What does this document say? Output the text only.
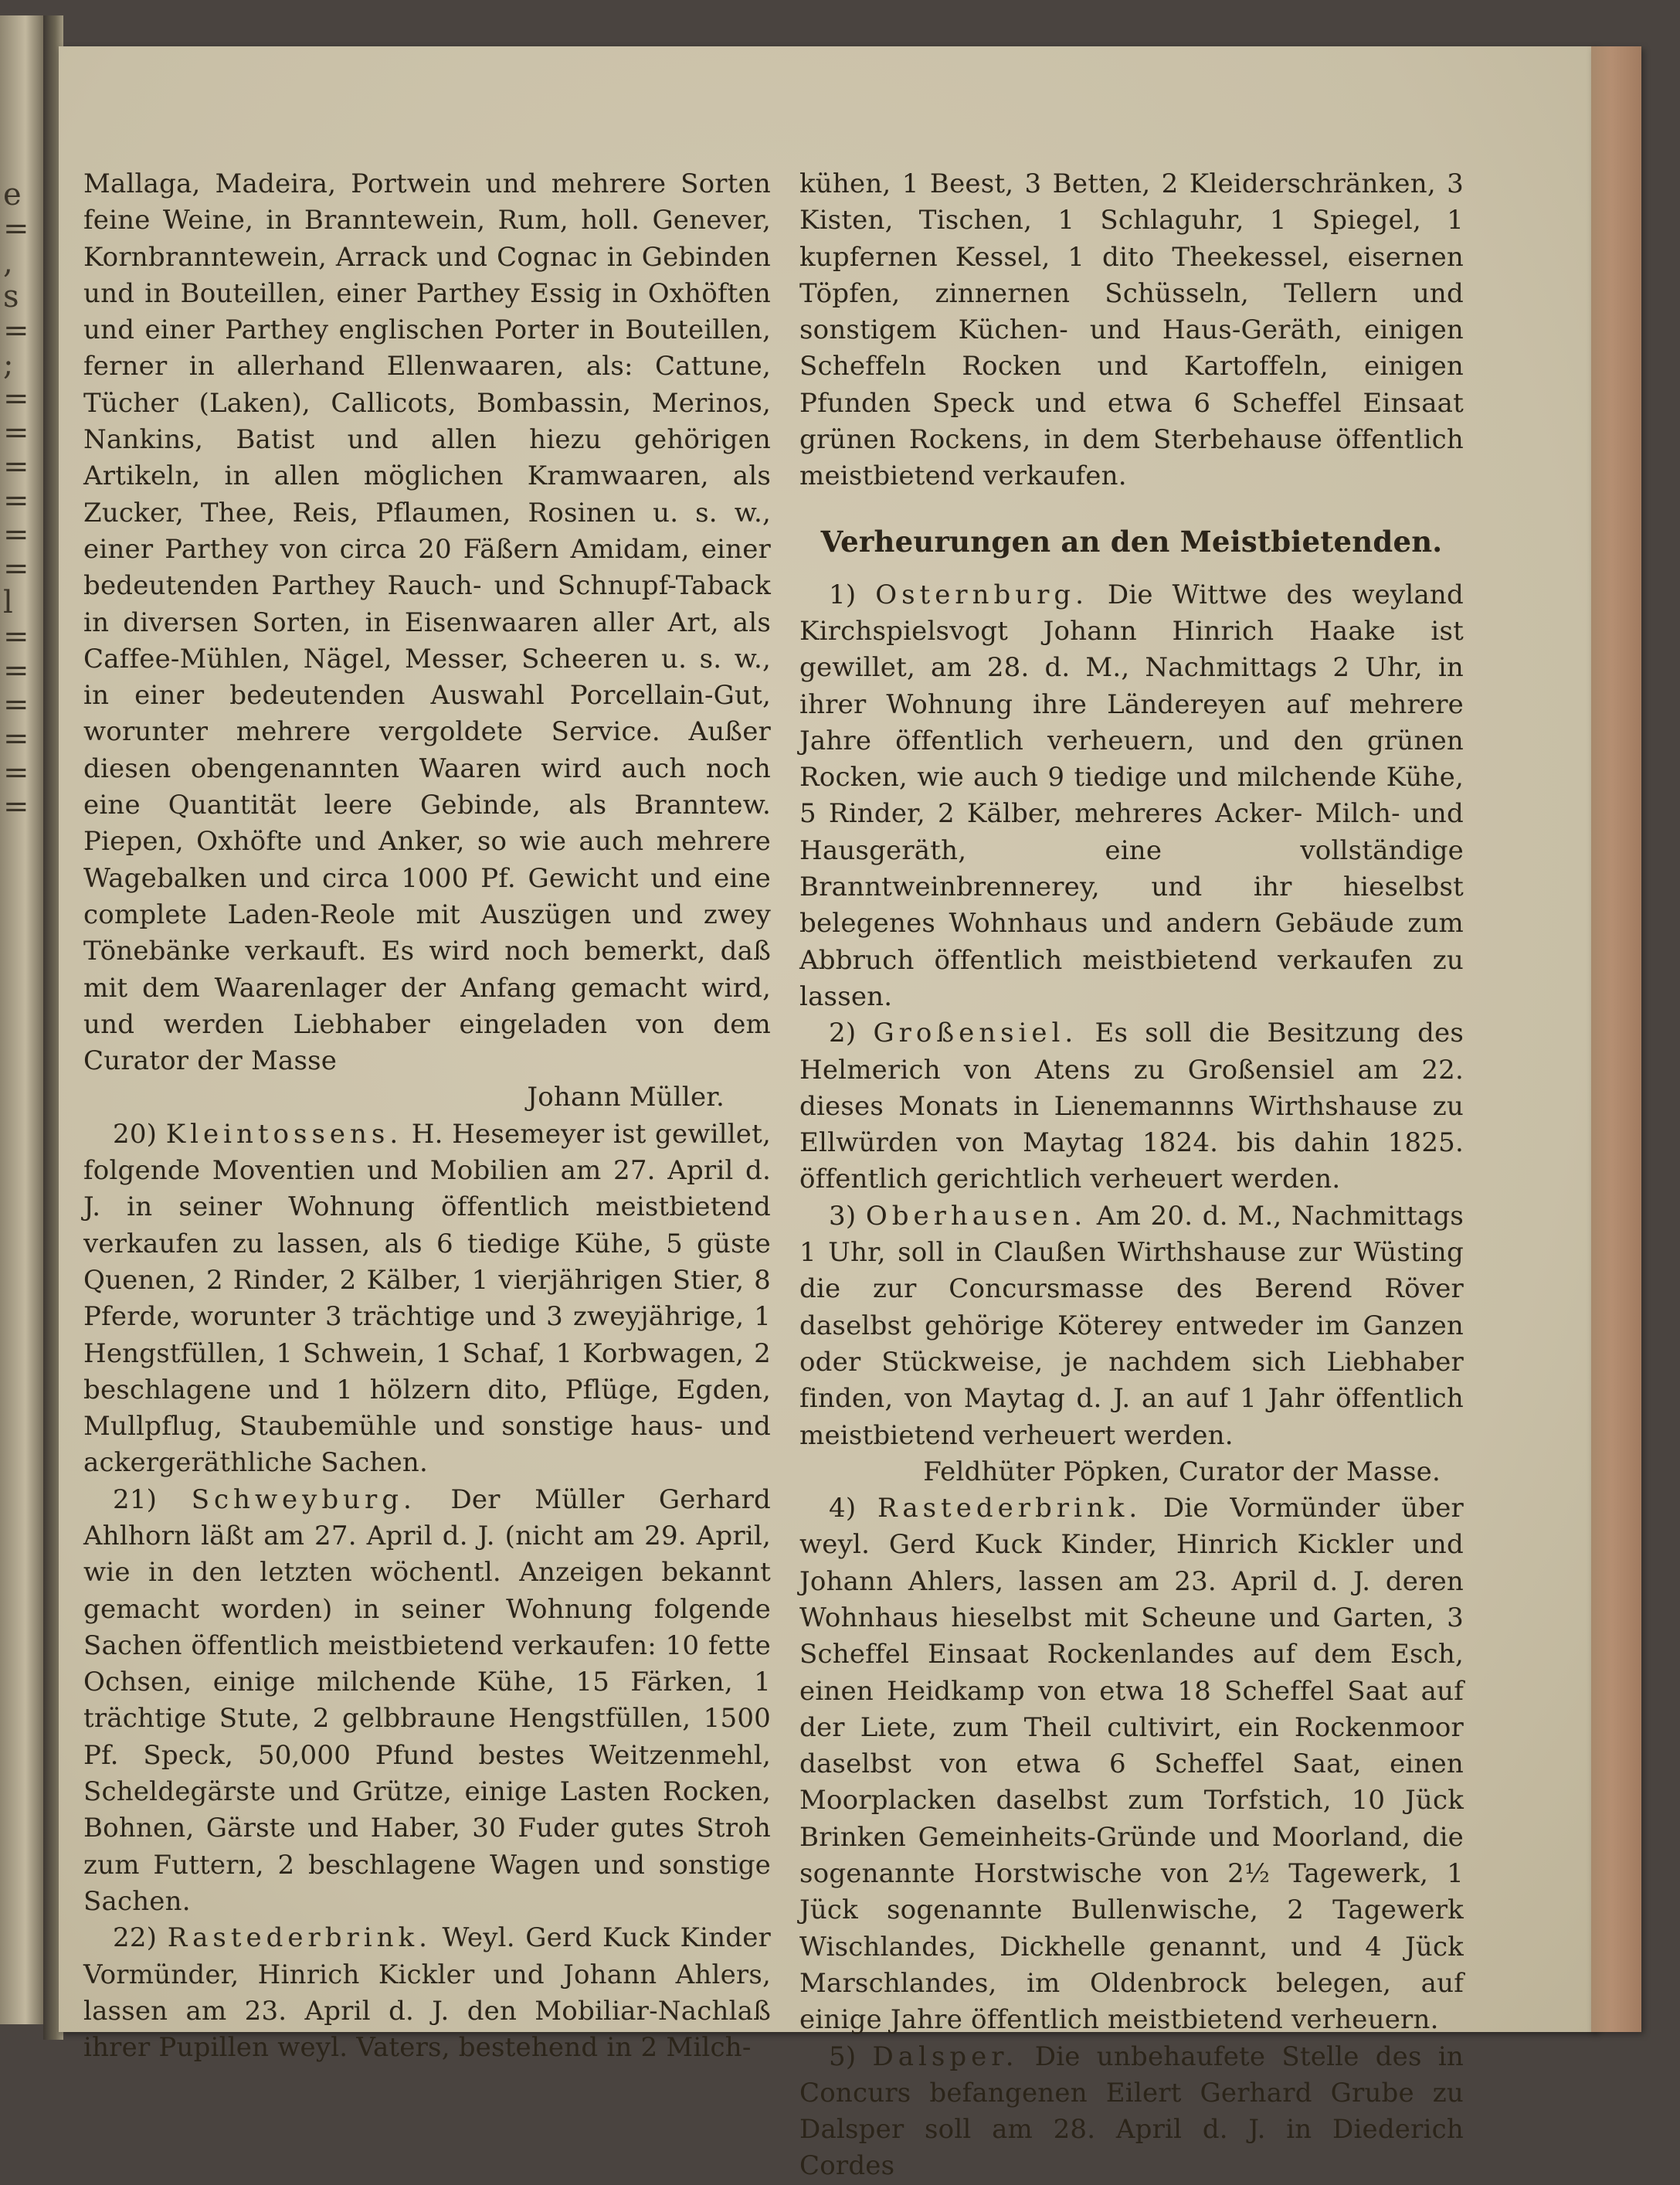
e
=
,
s
=
;
=
=
=
=
=
=
l
=
=
=
=
=
=

Mallaga, Madeira, Portwein und mehrere Sorten feine Weine, in Branntewein, Rum, holl. Genever, Kornbranntewein, Arrack und Cognac in Gebinden und in Bouteillen, einer Parthey Essig in Oxhöften und einer Parthey englischen Porter in Bouteillen, ferner in allerhand Ellenwaaren, als: Cattune, Tücher (Laken), Callicots, Bombassin, Merinos, Nankins, Batist und allen hiezu gehörigen Artikeln, in allen möglichen Kramwaaren, als Zucker, Thee, Reis, Pflaumen, Rosinen u. s. w., einer Parthey von circa 20 Fäßern Amidam, einer bedeutenden Parthey Rauch- und Schnupf-Taback in diversen Sorten, in Eisenwaaren aller Art, als Caffee-Mühlen, Nägel, Messer, Scheeren u. s. w., in einer bedeutenden Auswahl Porcellain-Gut, worunter mehrere vergoldete Service. Außer diesen obengenannten Waaren wird auch noch eine Quantität leere Gebinde, als Branntew. Piepen, Oxhöfte und Anker, so wie auch mehrere Wagebalken und circa 1000 Pf. Gewicht und eine complete Laden-Reole mit Auszügen und zwey Tönebänke verkauft. Es wird noch bemerkt, daß mit dem Waarenlager der Anfang gemacht wird, und werden Liebhaber eingeladen von dem Curator der Masse

Johann Müller.

20) Kleintossens. H. Hesemeyer ist gewillet, folgende Moventien und Mobilien am 27. April d. J. in seiner Wohnung öffentlich meistbietend verkaufen zu lassen, als 6 tiedige Kühe, 5 güste Quenen, 2 Rinder, 2 Kälber, 1 vierjährigen Stier, 8 Pferde, worunter 3 trächtige und 3 zweyjährige, 1 Hengstfüllen, 1 Schwein, 1 Schaf, 1 Korbwagen, 2 beschlagene und 1 hölzern dito, Pflüge, Egden, Mullpflug, Staubemühle und sonstige haus- und ackergeräthliche Sachen.

21) Schweyburg. Der Müller Gerhard Ahlhorn läßt am 27. April d. J. (nicht am 29. April, wie in den letzten wöchentl. Anzeigen bekannt gemacht worden) in seiner Wohnung folgende Sachen öffentlich meistbietend verkaufen: 10 fette Ochsen, einige milchende Kühe, 15 Färken, 1 trächtige Stute, 2 gelbbraune Hengstfüllen, 1500 Pf. Speck, 50,000 Pfund bestes Weitzenmehl, Scheldegärste und Grütze, einige Lasten Rocken, Bohnen, Gärste und Haber, 30 Fuder gutes Stroh zum Futtern, 2 beschlagene Wagen und sonstige Sachen.

22) Rastederbrink. Weyl. Gerd Kuck Kinder Vormünder, Hinrich Kickler und Johann Ahlers, lassen am 23. April d. J. den Mobiliar-Nachlaß ihrer Pupillen weyl. Vaters, bestehend in 2 Milch-

kühen, 1 Beest, 3 Betten, 2 Kleiderschränken, 3 Kisten, Tischen, 1 Schlaguhr, 1 Spiegel, 1 kupfernen Kessel, 1 dito Theekessel, eisernen Töpfen, zinnernen Schüsseln, Tellern und sonstigem Küchen- und Haus-Geräth, einigen Scheffeln Rocken und Kartoffeln, einigen Pfunden Speck und etwa 6 Scheffel Einsaat grünen Rockens, in dem Sterbehause öffentlich meistbietend verkaufen.

Verheurungen an den Meistbietenden.

1) Osternburg. Die Wittwe des weyland Kirchspielsvogt Johann Hinrich Haake ist gewillet, am 28. d. M., Nachmittags 2 Uhr, in ihrer Wohnung ihre Ländereyen auf mehrere Jahre öffentlich verheuern, und den grünen Rocken, wie auch 9 tiedige und milchende Kühe, 5 Rinder, 2 Kälber, mehreres Acker- Milch- und Hausgeräth, eine vollständige Branntweinbrennerey, und ihr hieselbst belegenes Wohnhaus und andern Gebäude zum Abbruch öffentlich meistbietend verkaufen zu lassen.

2) Großensiel. Es soll die Besitzung des Helmerich von Atens zu Großensiel am 22. dieses Monats in Lienemannns Wirthshause zu Ellwürden von Maytag 1824. bis dahin 1825. öffentlich gerichtlich verheuert werden.

3) Oberhausen. Am 20. d. M., Nachmittags 1 Uhr, soll in Claußen Wirthshause zur Wüsting die zur Concursmasse des Berend Röver daselbst gehörige Köterey entweder im Ganzen oder Stückweise, je nachdem sich Liebhaber finden, von Maytag d. J. an auf 1 Jahr öffentlich meistbietend verheuert werden.

Feldhüter Pöpken, Curator der Masse.

4) Rastederbrink. Die Vormünder über weyl. Gerd Kuck Kinder, Hinrich Kickler und Johann Ahlers, lassen am 23. April d. J. deren Wohnhaus hieselbst mit Scheune und Garten, 3 Scheffel Einsaat Rockenlandes auf dem Esch, einen Heidkamp von etwa 18 Scheffel Saat auf der Liete, zum Theil cultivirt, ein Rockenmoor daselbst von etwa 6 Scheffel Saat, einen Moorplacken daselbst zum Torfstich, 10 Jück Brinken Gemeinheits-Gründe und Moorland, die sogenannte Horstwische von 2½ Tagewerk, 1 Jück sogenannte Bullenwische, 2 Tagewerk Wischlandes, Dickhelle genannt, und 4 Jück Marschlandes, im Oldenbrock belegen, auf einige Jahre öffentlich meistbietend verheuern.

5) Dalsper. Die unbehaufete Stelle des in Concurs befangenen Eilert Gerhard Grube zu Dalsper soll am 28. April d. J. in Diederich Cordes
